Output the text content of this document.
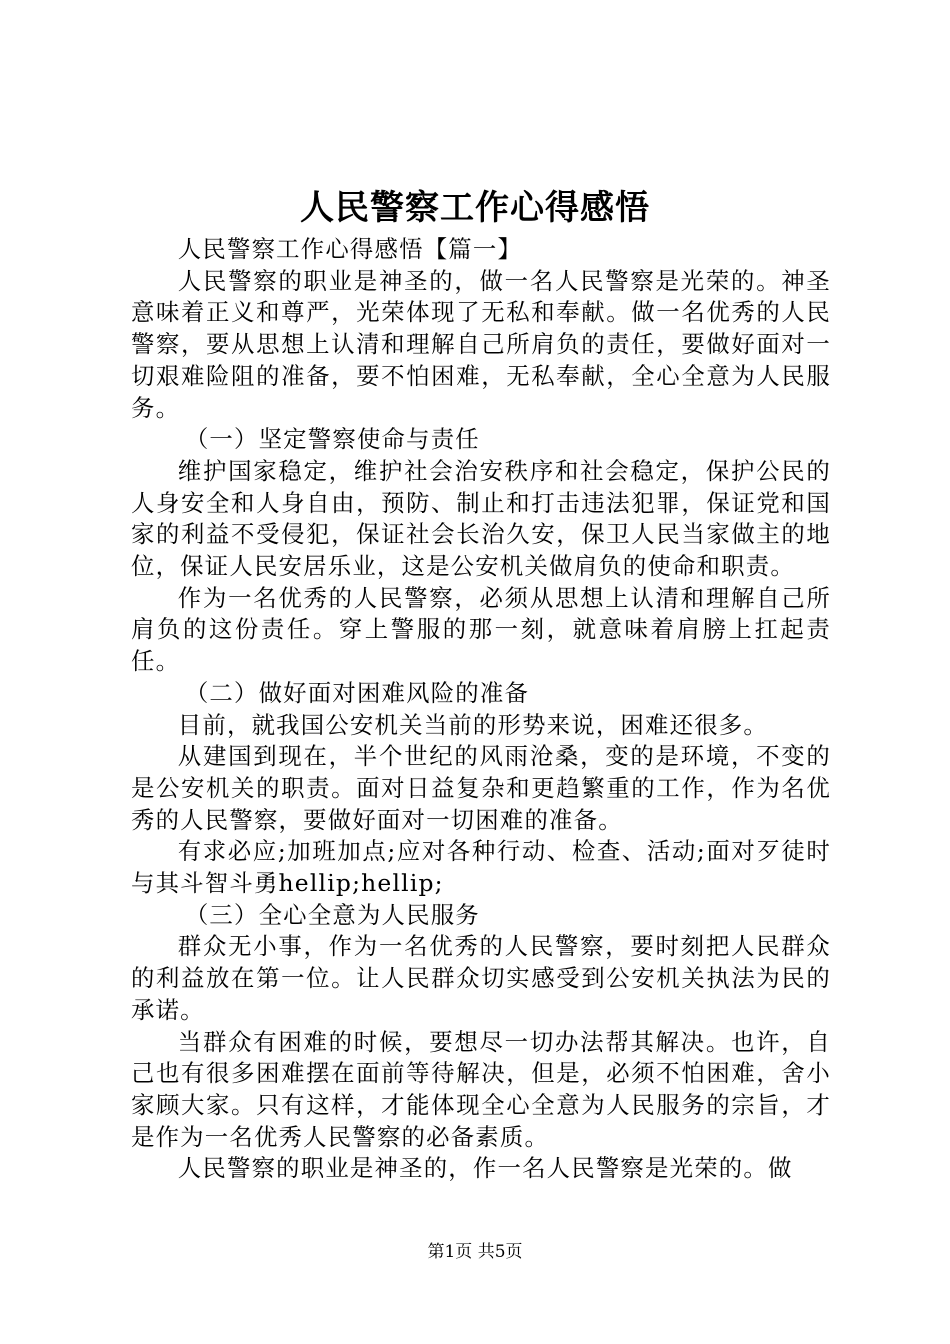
人民警察工作心得感悟

人民警察工作心得感悟【篇一】

人民警察的职业是神圣的，做一名人民警察是光荣的。神圣意味着正义和尊严，光荣体现了无私和奉献。做一名优秀的人民警察，要从思想上认清和理解自己所肩负的责任，要做好面对一切艰难险阻的准备，要不怕困难，无私奉献，全心全意为人民服务。

（一）坚定警察使命与责任

维护国家稳定，维护社会治安秩序和社会稳定，保护公民的人身安全和人身自由，预防、制止和打击违法犯罪，保证党和国家的利益不受侵犯，保证社会长治久安，保卫人民当家做主的地位，保证人民安居乐业，这是公安机关做肩负的使命和职责。

作为一名优秀的人民警察，必须从思想上认清和理解自己所肩负的这份责任。穿上警服的那一刻，就意味着肩膀上扛起责任。

（二）做好面对困难风险的准备

目前，就我国公安机关当前的形势来说，困难还很多。

从建国到现在，半个世纪的风雨沧桑，变的是环境，不变的是公安机关的职责。面对日益复杂和更趋繁重的工作，作为名优秀的人民警察，要做好面对一切困难的准备。

有求必应;加班加点;应对各种行动、检查、活动;面对歹徒时与其斗智斗勇hellip;hellip;

（三）全心全意为人民服务

群众无小事，作为一名优秀的人民警察，要时刻把人民群众的利益放在第一位。让人民群众切实感受到公安机关执法为民的承诺。

当群众有困难的时候，要想尽一切办法帮其解决。也许，自己也有很多困难摆在面前等待解决，但是，必须不怕困难，舍小家顾大家。只有这样，才能体现全心全意为人民服务的宗旨，才是作为一名优秀人民警察的必备素质。

人民警察的职业是神圣的，作一名人民警察是光荣的。做

第1页 共5页
